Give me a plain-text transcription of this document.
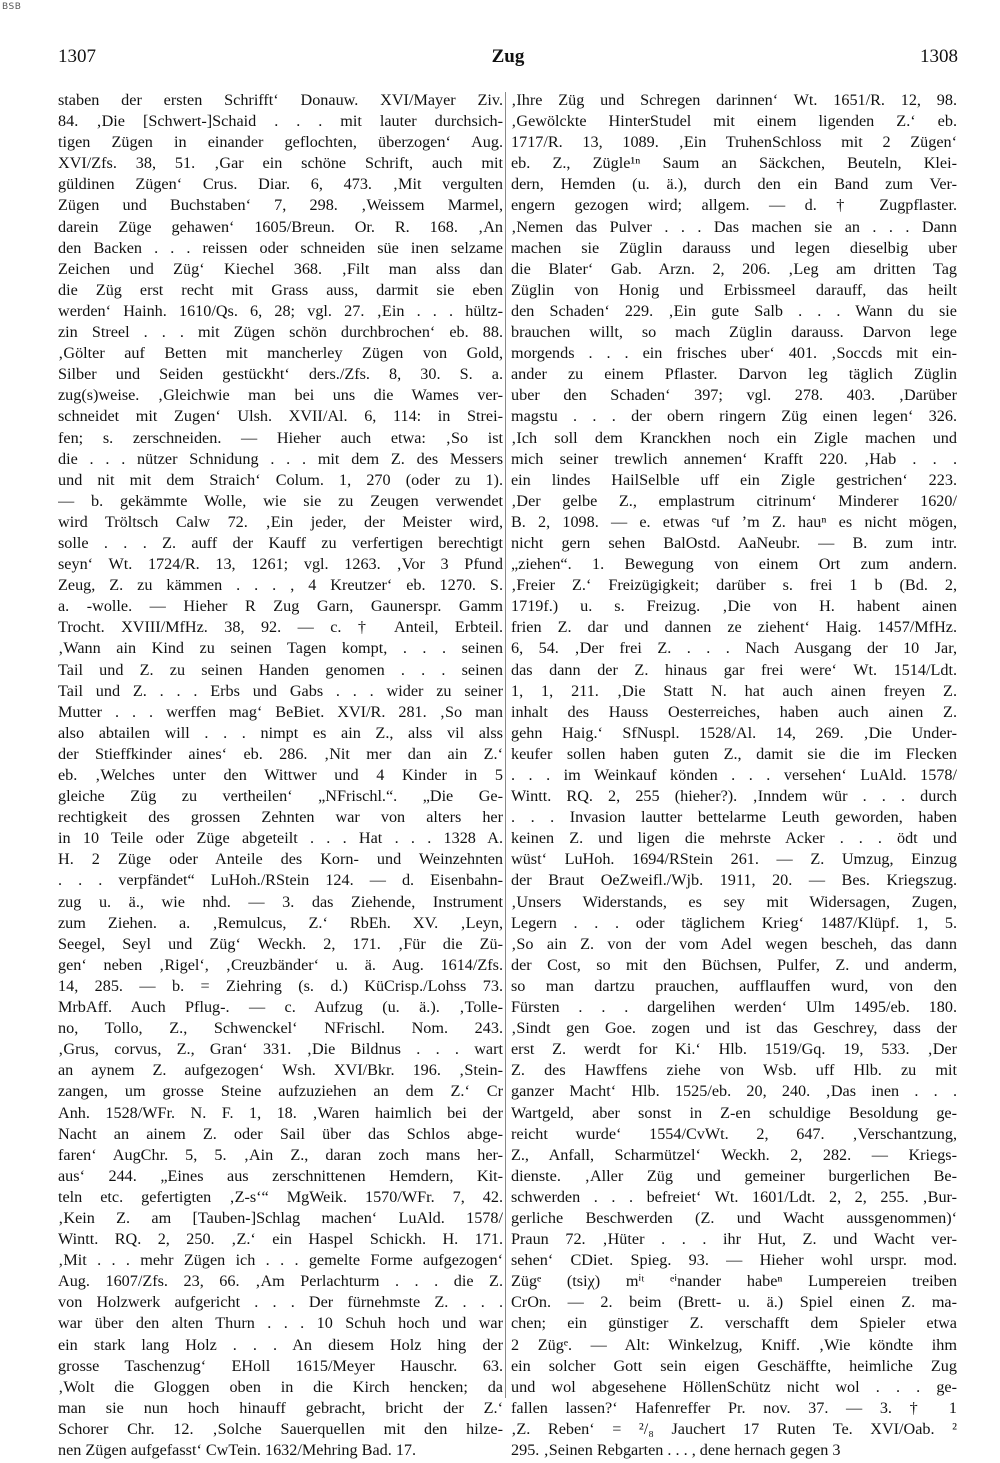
BSB
1307	Zug	1308
staben der ersten Schrifft‘ Donauw. XVI/Mayer Ziv.
84. ‚Die [Schwert-]Schaid . . . mit lauter durchsich-
tigen Zügen in einander geflochten, überzogen‘ Aug.
XVI/Zfs. 38, 51. ‚Gar ein schöne Schrift, auch mit
güldinen Zügen‘ Crus. Diar. 6, 473. ‚Mit vergulten
Zügen und Buchstaben‘ 7, 298. ‚Weissem Marmel,
darein Züge gehawen‘ 1605/Breun. Or. R. 168. ‚An
den Backen . . . reissen oder schneiden süe inen selzame
Zeichen und Züg‘ Kiechel 368. ‚Filt man alss dan
die Züg erst recht mit Grass auss, darmit sie eben
werden‘ Hainh. 1610/Qs. 6, 28; vgl. 27. ‚Ein . . . hültz-
zin Streel . . . mit Zügen schön durchbrochen‘ eb. 88.
‚Gölter auf Betten mit mancherley Zügen von Gold,
Silber und Seiden gestückht‘ ders./Zfs. 8, 30. S. a.
zug(s)weise. ‚Gleichwie man bei uns die Wames ver-
schneidet mit Zugen‘ Ulsh. XVII/Al. 6, 114: in Strei-
fen; s. zerschneiden. — Hieher auch etwa: ‚So ist
die . . . nützer Schnidung . . . mit dem Z. des Messers
und nit mit dem Straich‘ Colum. 1, 270 (oder zu 1).
— b. gekämmte Wolle, wie sie zu Zeugen verwendet
wird Tröltsch Calw 72. ‚Ein jeder, der Meister wird,
solle . . . Z. auff der Kauff zu verfertigen berechtigt
seyn‘ Wt. 1724/R. 13, 1261; vgl. 1263. ‚Vor 3 Pfund
Zeug, Z. zu kämmen . . . , 4 Kreutzer‘ eb. 1270. S.
a. -wolle. — Hieher R Zug Garn, Gaunerspr. Gamm
Trocht. XVIII/MfHz. 38, 92. — c. † Anteil, Erbteil.
‚Wann ain Kind zu seinen Tagen kompt, . . . seinen
Tail und Z. zu seinen Handen genomen . . . seinen
Tail und Z. . . . Erbs und Gabs . . . wider zu seiner
Mutter . . . werffen mag‘ BeBiet. XVI/R. 281. ‚So man
also abtailen will . . . nimpt es ain Z., alss vil alss
der Stieffkinder aines‘ eb. 286. ‚Nit mer dan ain Z.‘
eb. ‚Welches unter den Wittwer und 4 Kinder in 5
gleiche Züg zu vertheilen‘ „NFrischl.“. „Die Ge-
rechtigkeit des grossen Zehnten war von alters her
in 10 Teile oder Züge abgeteilt . . . Hat . . . 1328 A.
H. 2 Züge oder Anteile des Korn- und Weinzehnten
. . . verpfändet“ LuHoh./RStein 124. — d. Eisenbahn-
zug u. ä., wie nhd. — 3. das Ziehende, Instrument
zum Ziehen. a. ‚Remulcus, Z.‘ RbEh. XV. ‚Leyn,
Seegel, Seyl und Züg‘ Weckh. 2, 171. ‚Für die Zü-
gen‘ neben ‚Rigel‘, ‚Creuzbänder‘ u. ä. Aug. 1614/Zfs.
14, 285. — b. = Ziehring (s. d.) KüCrisp./Lohss 73.
MrbAff. Auch Pflug-. — c. Aufzug (u. ä.). ‚Tolle-
no, Tollo, Z., Schwenckel‘ NFrischl. Nom. 243.
‚Grus, corvus, Z., Gran‘ 331. ‚Die Bildnus . . . wart
an aynem Z. aufgezogen‘ Wsh. XVI/Bkr. 196. ‚Stein-
zangen, um grosse Steine aufzuziehen an dem Z.‘ Cr
Anh. 1528/WFr. N. F. 1, 18. ‚Waren haimlich bei der
Nacht an ainem Z. oder Sail über das Schlos abge-
faren‘ AugChr. 5, 5. ‚Ain Z., daran zoch mans her-
aus‘ 244. „Eines aus zerschnittenen Hemdern, Kit-
teln etc. gefertigten ‚Z-s‘“ MgWeik. 1570/WFr. 7, 42.
‚Kein Z. am [Tauben-]Schlag machen‘ LuAld. 1578/
Wintt. RQ. 2, 250. ‚Z.‘ ein Haspel Schickh. H. 171.
‚Mit . . . mehr Zügen ich . . . gemelte Forme aufgezogen‘
Aug. 1607/Zfs. 23, 66. ‚Am Perlachturm . . . die Z.
von Holzwerk aufgericht . . . Der fürnehmste Z. . . .
war über den alten Thurn . . . 10 Schuh hoch und war
ein stark lang Holz . . . An diesem Holz hing der
grosse Taschenzug‘ EHoll 1615/Meyer Hauschr. 63.
‚Wolt die Gloggen oben in die Kirch hencken; da
man sie nun hoch hinauff gebracht, bricht der Z.‘
Schorer Chr. 12. ‚Solche Sauerquellen mit den hilze-
nen Zügen aufgefasst‘ CwTein. 1632/Mehring Bad. 17.
‚Ihre Züg und Schregen darinnen‘ Wt. 1651/R. 12, 98.
‚Gewölckte HinterStudel mit einem ligenden Z.‘ eb.
1717/R. 13, 1089. ‚Ein TruhenSchloss mit 2 Zügen‘
eb. Z., Zügle¹ⁿ Saum an Säckchen, Beuteln, Klei-
dern, Hemden (u. ä.), durch den ein Band zum Ver-
engern gezogen wird; allgem. — d. † Zugpflaster.
‚Nemen das Pulver . . . Das machen sie an . . . Dann
machen sie Züglin darauss und legen dieselbig uber
die Blater‘ Gab. Arzn. 2, 206. ‚Leg am dritten Tag
Züglin von Honig und Erbissmeel darauff, das heilt
den Schaden‘ 229. ‚Ein gute Salb . . . Wann du sie
brauchen willt, so mach Züglin darauss. Darvon lege
morgends . . . ein frisches uber‘ 401. ‚Soccds mit ein-
ander zu einem Pflaster. Darvon leg täglich Züglin
uber den Schaden‘ 397; vgl. 278. 403. ‚Darüber
magstu . . . der obern ringern Züg einen legen‘ 326.
‚Ich soll dem Kranckhen noch ein Zigle machen und
mich seiner trewlich annemen‘ Krafft 220. ‚Hab . . .
ein lindes HailSelble uff ein Zigle gestrichen‘ 223.
‚Der gelbe Z., emplastrum citrinum‘ Minderer 1620/
B. 2, 1098. — e. etwas ᵉuf ’m Z. hauⁿ es nicht mögen,
nicht gern sehen BalOstd. AaNeubr. — B. zum intr.
„ziehen“. 1. Bewegung von einem Ort zum andern.
‚Freier Z.‘ Freizügigkeit; darüber s. frei 1 b (Bd. 2,
1719f.) u. s. Freizug. ‚Die von H. habent ainen
frien Z. dar und dannen ze ziehent‘ Haig. 1457/MfHz.
6, 54. ‚Der frei Z. . . . Nach Ausgang der 10 Jar,
das dann der Z. hinaus gar frei were‘ Wt. 1514/Ldt.
1, 1, 211. ‚Die Statt N. hat auch ainen freyen Z.
inhalt des Hauss Oesterreiches, haben auch ainen Z.
gehn Haig.‘ SfNuspl. 1528/Al. 14, 269. ‚Die Under-
keufer sollen haben guten Z., damit sie die im Flecken
. . . im Weinkauf könden . . . versehen‘ LuAld. 1578/
Wintt. RQ. 2, 255 (hieher?). ‚Inndem wür . . . durch
. . . Invasion lautter bettelarme Leuth geworden, haben
keinen Z. und ligen die mehrste Acker . . . ödt und
wüst‘ LuHoh. 1694/RStein 261. — Z. Umzug, Einzug
der Braut OeZweifl./Wjb. 1911, 20. — Bes. Kriegszug.
‚Unsers Widerstands, es sey mit Widersagen, Zugen,
Legern . . . oder täglichem Krieg‘ 1487/Klüpf. 1, 5.
‚So ain Z. von der vom Adel wegen bescheh, das dann
der Cost, so mit den Büchsen, Pulfer, Z. und anderm,
so man dartzu prauchen, aufflauffen wurd, von den
Fürsten . . . dargelihen werden‘ Ulm 1495/eb. 180.
‚Sindt gen Goe. zogen und ist das Geschrey, dass der
erst Z. werdt for Ki.‘ Hlb. 1519/Gq. 19, 533. ‚Der
Z. des Hawffens ziehe von Wsb. uff Hlb. zu mit
ganzer Macht‘ Hlb. 1525/eb. 20, 240. ‚Das inen . . .
Wartgeld, aber sonst in Z-en schuldige Besoldung ge-
reicht wurde‘ 1554/CvWt. 2, 647. ‚Verschantzung,
Z., Anfall, Scharmützel‘ Weckh. 2, 282. — Kriegs-
dienste. ‚Aller Züg und gemeiner burgerlichen Be-
schwerden . . . befreiet‘ Wt. 1601/Ldt. 2, 2, 255. ‚Bur-
gerliche Beschwerden (Z. und Wacht aussgenommen)‘
Praun 72. ‚Hüter . . . ihr Hut, Z. und Wacht ver-
sehen‘ CDiet. Spieg. 93. — Hieher wohl urspr. mod.
Zügᵉ (tsiχ) mⁱᵗ ᵉⁱnander habeⁿ Lumpereien treiben
CrOn. — 2. beim (Brett- u. ä.) Spiel einen Z. ma-
chen; ein günstiger Z. verschafft dem Spieler etwa
2 Zügᵉ. — Alt: Winkelzug, Kniff. ‚Wie köndte ihm
ein solcher Gott sein eigen Geschäffte, heimliche Zug
und wol abgesehene HöllenSchütz nicht wol . . . ge-
fallen lassen?‘ Hafenreffer Pr. nov. 37. — 3. † 1
‚Z. Reben‘ = ²/₈ Jauchert 17 Ruten Te. XVI/Oab. ²
295. ‚Seinen Rebgarten . . . , dene hernach gegen 3
